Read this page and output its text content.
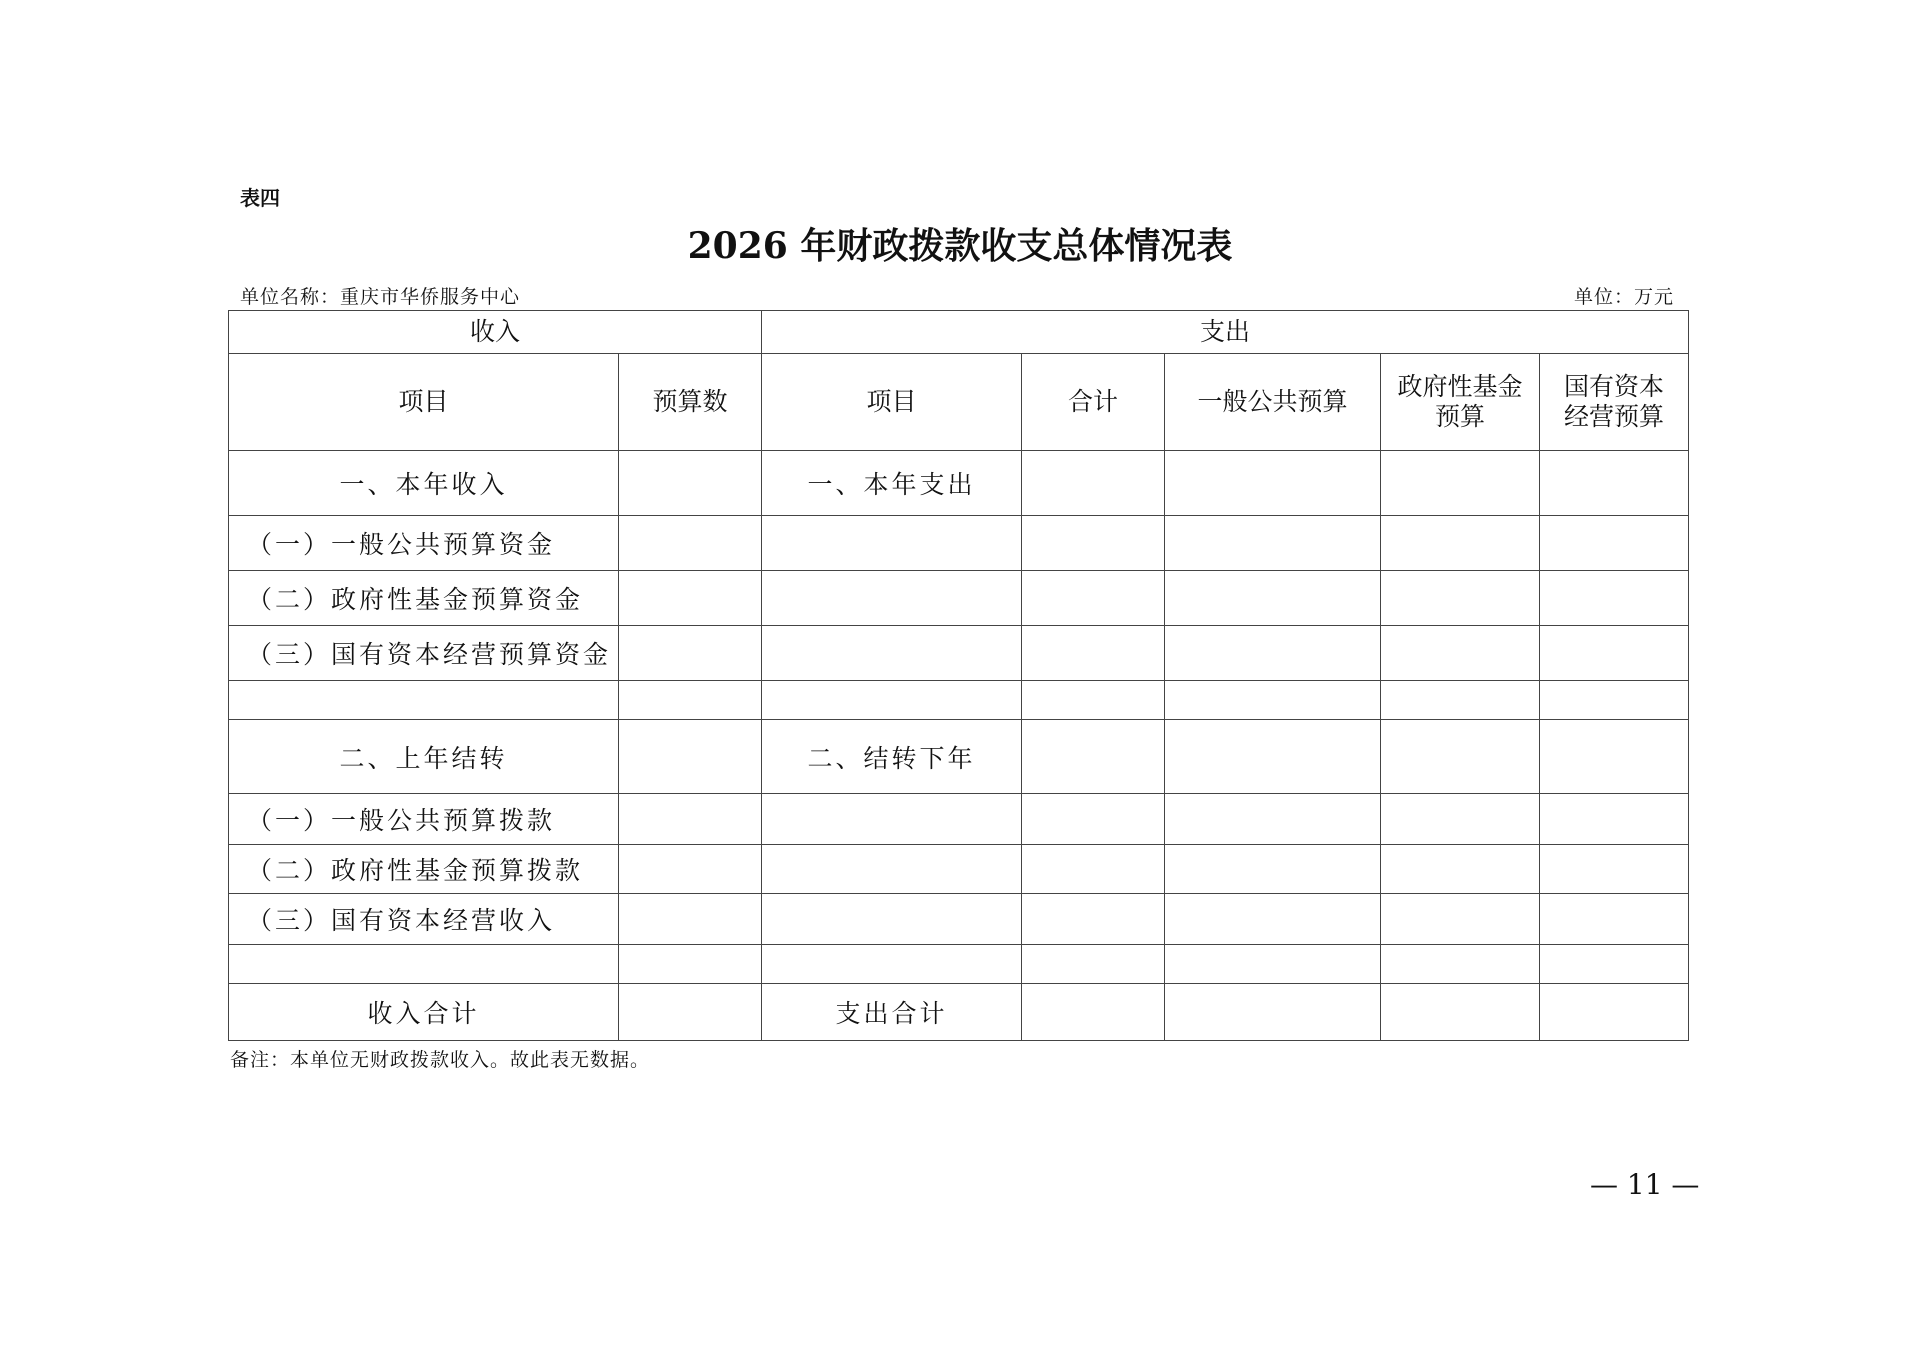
表四
2026 年财政拨款收支总体情况表
单位名称：重庆市华侨服务中心	单位：万元
收入		支出				
项目	预算数	项目	合计	一般公共预算	政府性基金预算	国有资本经营预算
一、本年收入		一、本年支出				
（一）一般公共预算资金						
（二）政府性基金预算资金						
（三）国有资本经营预算资金						

二、上年结转		二、结转下年				
（一）一般公共预算拨款						
（二）政府性基金预算拨款						
（三）国有资本经营收入						

收入合计		支出合计				
备注：本单位无财政拨款收入。故此表无数据。
— 11 —
